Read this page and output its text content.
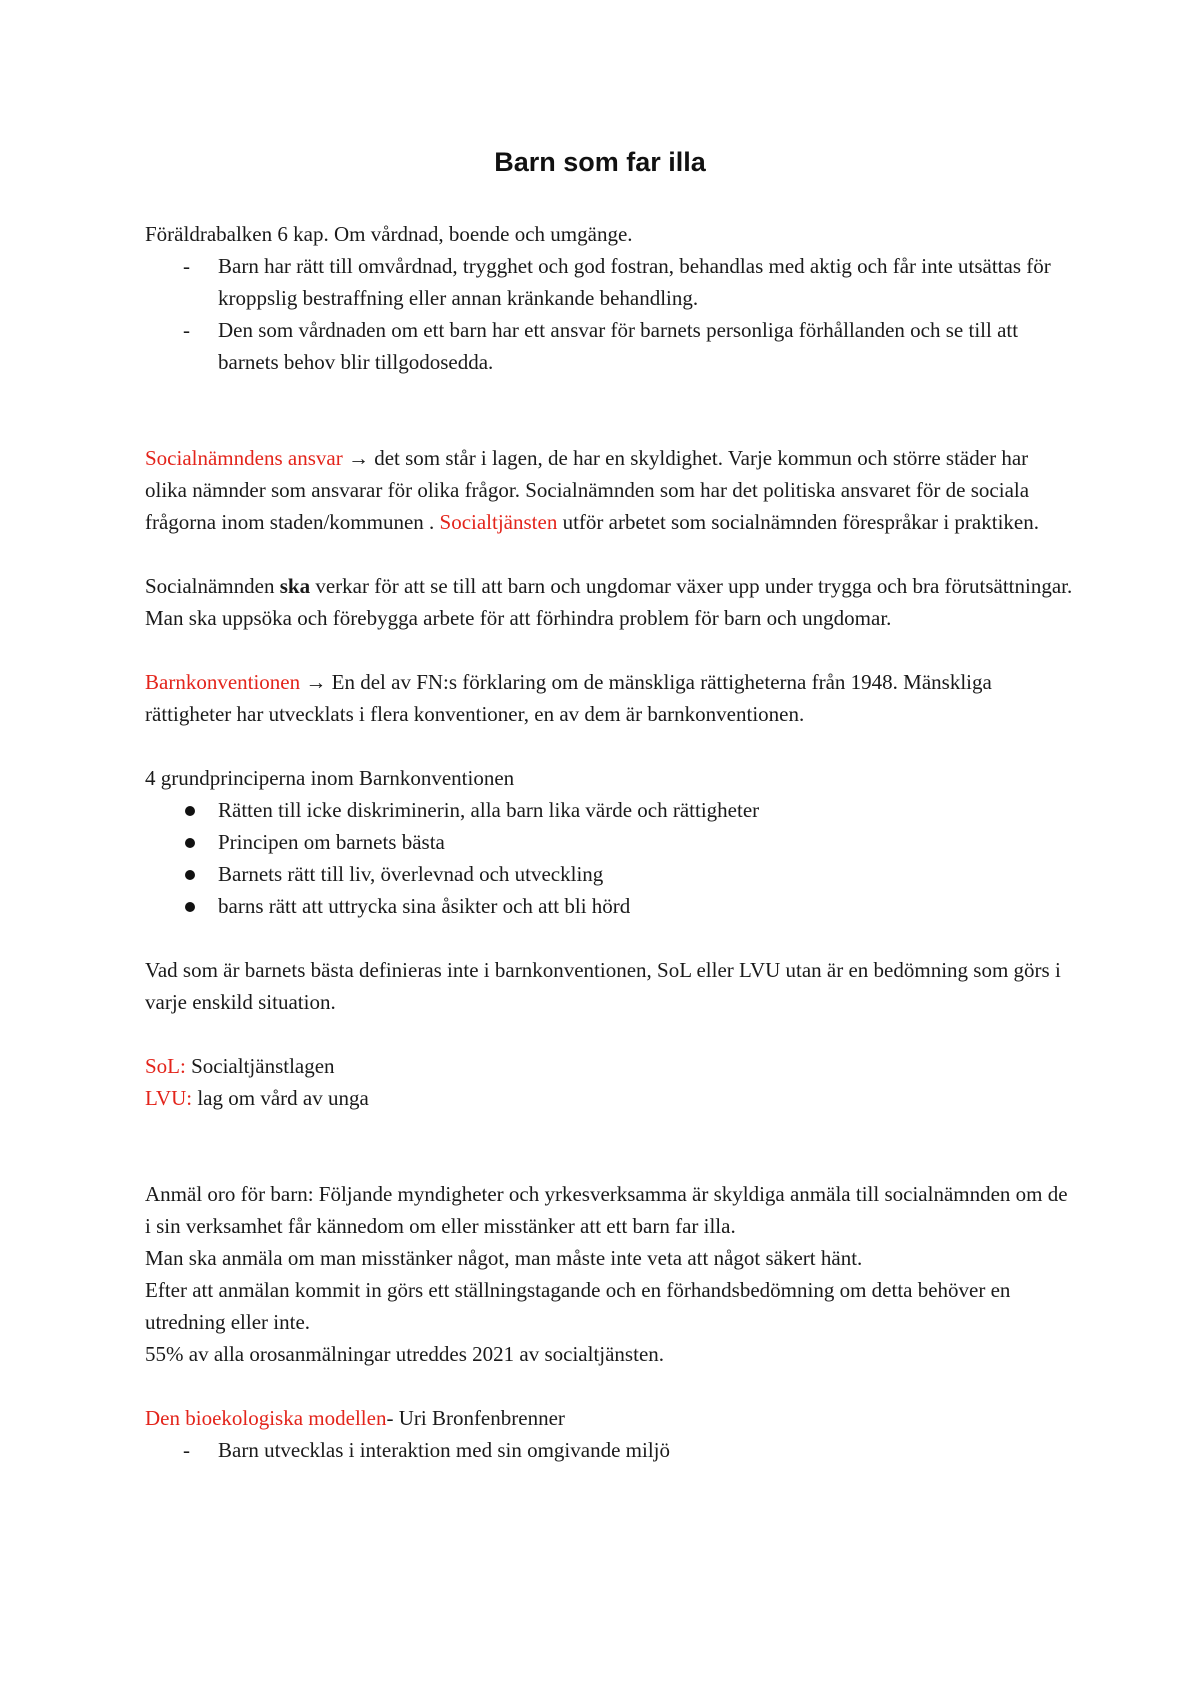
Barn som far illa

Föräldrabalken 6 kap. Om vårdnad, boende och umgänge.

- Barn har rätt till omvårdnad, trygghet och god fostran, behandlas med aktig och får inte utsättas för kroppslig bestraffning eller annan kränkande behandling.
- Den som vårdnaden om ett barn har ett ansvar för barnets personliga förhållanden och se till att barnets behov blir tillgodosedda.

Socialnämndens ansvar → det som står i lagen, de har en skyldighet. Varje kommun och större städer har olika nämnder som ansvarar för olika frågor. Socialnämnden som har det politiska ansvaret för de sociala frågorna inom staden/kommunen . Socialtjänsten utför arbetet som socialnämnden förespråkar i praktiken.

Socialnämnden ska verkar för att se till att barn och ungdomar växer upp under trygga och bra förutsättningar. Man ska uppsöka och förebygga arbete för att förhindra problem för barn och ungdomar.

Barnkonventionen → En del av FN:s förklaring om de mänskliga rättigheterna från 1948. Mänskliga rättigheter har utvecklats i flera konventioner, en av dem är barnkonventionen.

4 grundprinciperna inom Barnkonventionen

Rätten till icke diskriminerin, alla barn lika värde och rättigheter
Principen om barnets bästa
Barnets rätt till liv, överlevnad och utveckling
barns rätt att uttrycka sina åsikter och att bli hörd

Vad som är barnets bästa definieras inte i barnkonventionen, SoL eller LVU utan är en bedömning som görs i varje enskild situation.

SoL: Socialtjänstlagen

LVU: lag om vård av unga

Anmäl oro för barn: Följande myndigheter och yrkesverksamma är skyldiga anmäla till socialnämnden om de i sin verksamhet får kännedom om eller misstänker att ett barn far illa.

Man ska anmäla om man misstänker något, man måste inte veta att något säkert hänt.

Efter att anmälan kommit in görs ett ställningstagande och en förhandsbedömning om detta behöver en utredning eller inte.

55% av alla orosanmälningar utreddes 2021 av socialtjänsten.

Den bioekologiska modellen- Uri Bronfenbrenner

- Barn utvecklas i interaktion med sin omgivande miljö
